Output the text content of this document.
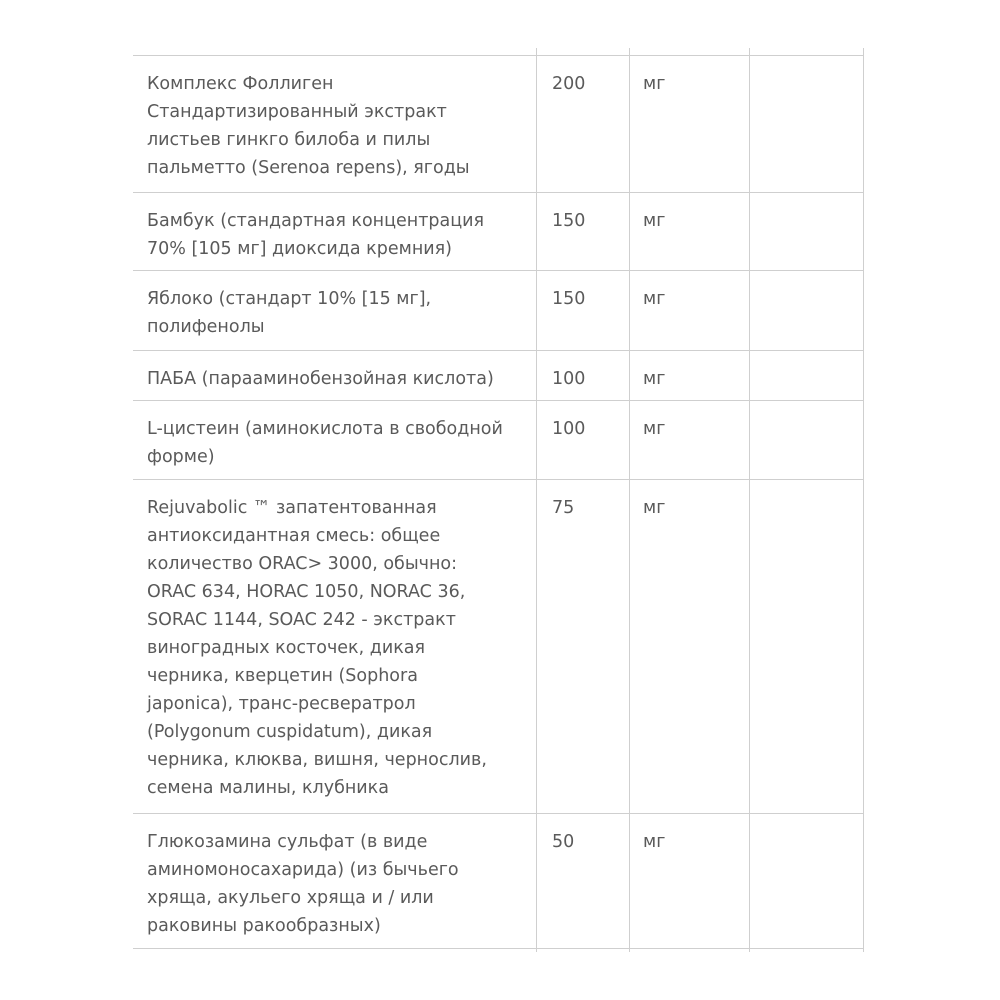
Комплекс Фоллиген
Стандартизированный экстракт
листьев гинкго билоба и пилы
пальметто (Serenoa repens), ягоды
200	мг
Бамбук (стандартная концентрация
70% [105 мг] диоксида кремния)
150	мг
Яблоко (стандарт 10% [15 мг],
полифенолы
150	мг
ПАБА (парааминобензойная кислота)	100	мг
L-цистеин (аминокислота в свободной
форме)
100	мг
Rejuvabolic ™ запатентованная
антиоксидантная смесь: общее
количество ORAC> 3000, обычно:
ORAC 634, HORAC 1050, NORAC 36,
SORAC 1144, SOAC 242 - экстракт
виноградных косточек, дикая
черника, кверцетин (Sophora
japonica), транс-ресвератрол
(Polygonum cuspidatum), дикая
черника, клюква, вишня, чернослив,
семена малины, клубника
75	мг
Глюкозамина сульфат (в виде
аминомоносахарида) (из бычьего
хряща, акульего хряща и / или
раковины ракообразных)
50	мг
